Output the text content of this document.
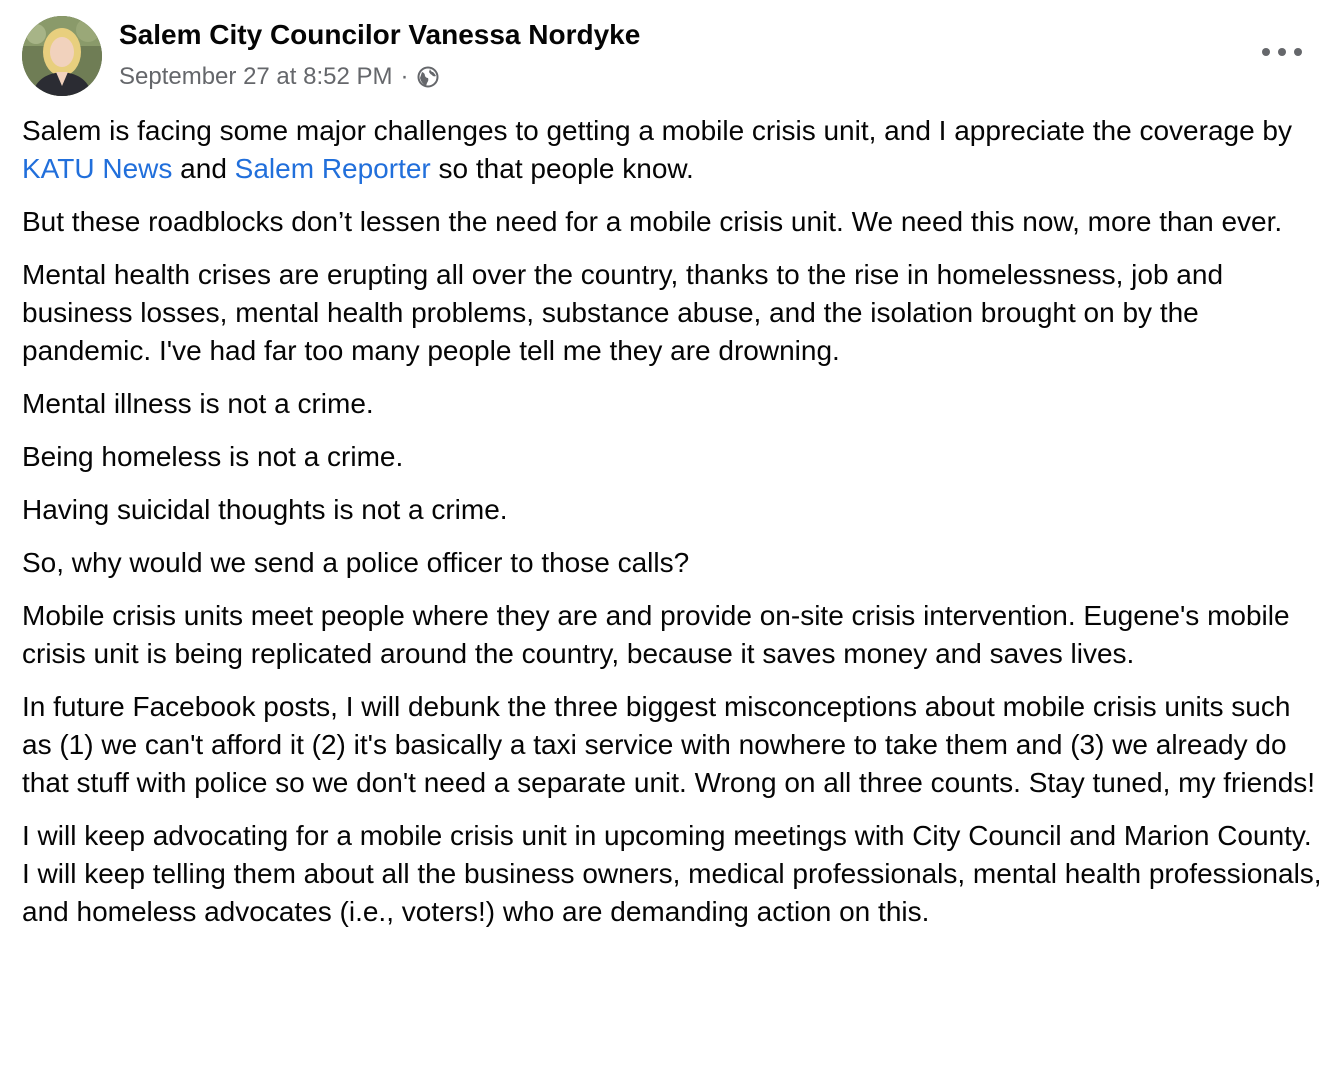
Salem City Councilor Vanessa Nordyke
September 27 at 8:52 PM ·

Salem is facing some major challenges to getting a mobile crisis unit, and I appreciate the coverage by KATU News and Salem Reporter so that people know.

But these roadblocks don’t lessen the need for a mobile crisis unit. We need this now, more than ever.

Mental health crises are erupting all over the country, thanks to the rise in homelessness, job and business losses, mental health problems, substance abuse, and the isolation brought on by the pandemic. I've had far too many people tell me they are drowning.

Mental illness is not a crime.

Being homeless is not a crime.

Having suicidal thoughts is not a crime.

So, why would we send a police officer to those calls?

Mobile crisis units meet people where they are and provide on-site crisis intervention. Eugene's mobile crisis unit is being replicated around the country, because it saves money and saves lives.

In future Facebook posts, I will debunk the three biggest misconceptions about mobile crisis units such as (1) we can't afford it (2) it's basically a taxi service with nowhere to take them and (3) we already do that stuff with police so we don't need a separate unit. Wrong on all three counts. Stay tuned, my friends!

I will keep advocating for a mobile crisis unit in upcoming meetings with City Council and Marion County. I will keep telling them about all the business owners, medical professionals, mental health professionals, and homeless advocates (i.e., voters!) who are demanding action on this.
